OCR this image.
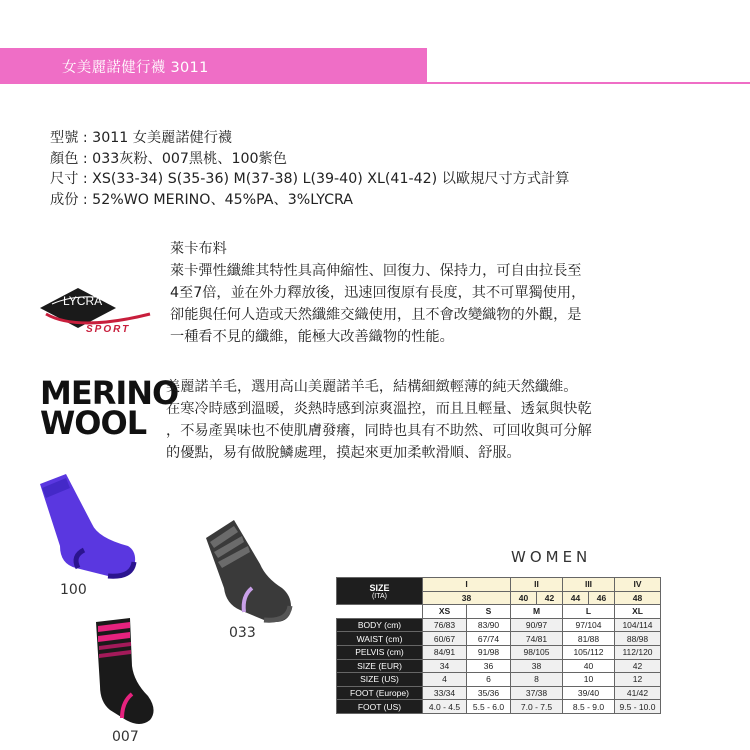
女美麗諾健行襪 3011
型號 : 3011 女美麗諾健行襪
顏色 : 033灰粉、007黑桃、100紫色
尺寸 : XS(33-34) S(35-36) M(37-38) L(39-40) XL(41-42) 以歐規尺寸方式計算
成份 : 52%WO MERINO、45%PA、3%LYCRA
LYCRA
SPORT
萊卡布料
萊卡彈性纖維其特性具高伸縮性、回復力、保持力，可自由拉長至
4至7倍，並在外力釋放後，迅速回復原有長度，其不可單獨使用，
卻能與任何人造或天然纖維交織使用，且不會改變織物的外觀，是
一種看不見的纖維，能極大改善織物的性能。
MERINO
WOOL
美麗諾羊毛，選用高山美麗諾羊毛，結構細緻輕薄的純天然纖維。
在寒冷時感到溫暖，炎熱時感到涼爽溫控，而且且輕量、透氣與快乾
，不易產異味也不使肌膚發癢，同時也具有不助然、可回收與可分解
的優點，易有做脫鱗處理，摸起來更加柔軟滑順、舒服。
100
033
007
WOMEN
SIZE
(ITA)	I		II		III		IV
	38		40	42	44	46	48
	XS	S	M		L		XL
BODY (cm)	76/83	83/90	90/97		97/104		104/114
WAIST (cm)	60/67	67/74	74/81		81/88		88/98
PELVIS (cm)	84/91	91/98	98/105		105/112		112/120
SIZE (EUR)	34	36	38		40		42
SIZE (US)	4	6	8		10		12
FOOT (Europe)	33/34	35/36	37/38		39/40		41/42
FOOT (US)	4.0 - 4.5	5.5 - 6.0	7.0 - 7.5		8.5 - 9.0		9.5 - 10.0
